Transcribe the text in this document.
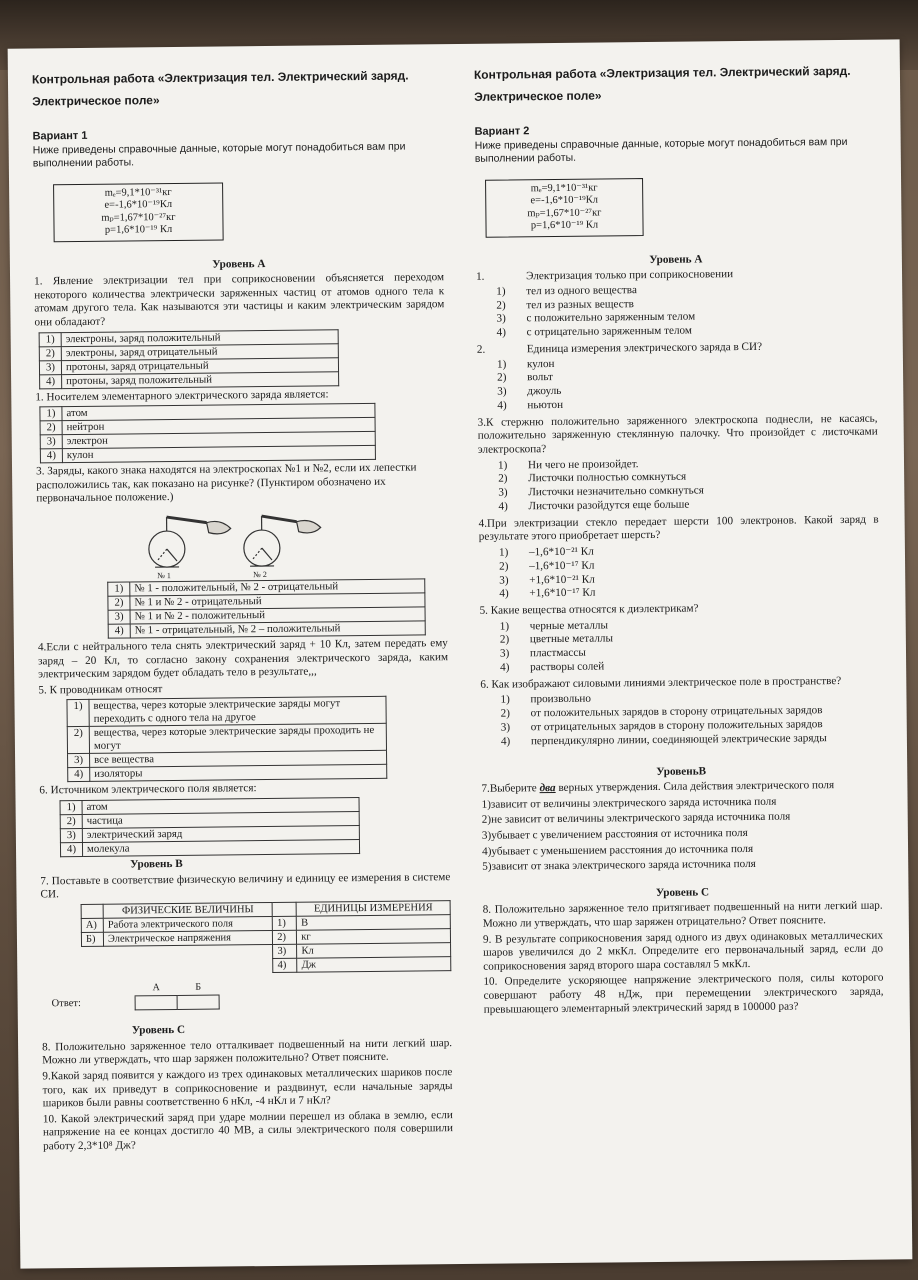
Контрольная работа «Электризация тел. Электрический заряд. Электрическое поле»
Вариант 1
Ниже приведены справочные данные, которые могут понадобиться вам при выполнении работы.
mₑ=9,1*10⁻³¹кг
e=-1,6*10⁻¹⁹Кл
mₚ=1,67*10⁻²⁷кг
p=1,6*10⁻¹⁹ Кл
Уровень А
1. Явление электризации тел при соприкосновении объясняется переходом некоторого количества электрически заряженных частиц от атомов одного тела к атомам другого тела. Как называются эти частицы и каким электрическим зарядом они обладают?
1)	электроны, заряд положительный
2)	электроны, заряд отрицательный
3)	протоны, заряд отрицательный
4)	протоны, заряд положительный
1. Носителем элементарного электрического заряда является:
1)	атом
2)	нейтрон
3)	электрон
4)	кулон
3. Заряды, какого знака находятся на электроскопах №1 и №2, если их лепестки расположились так, как показано на рисунке? (Пунктиром обозначено их первоначальное положение.)
№ 1	№ 2
1)	№ 1 - положительный, № 2 - отрицательный
2)	№ 1 и № 2 - отрицательный
3)	№ 1 и № 2 - положительный
4)	№ 1 - отрицательный, № 2 – положительный
4.Если с нейтрального тела снять электрический заряд + 10 Кл, затем передать ему заряд – 20 Кл, то согласно закону сохранения электрического заряда, каким электрическим зарядом будет обладать тело в результате,,,
5. К проводникам относят
1)	вещества, через которые электрические заряды могут переходить с одного тела на другое
2)	вещества, через которые электрические заряды проходить не могут
3)	все вещества
4)	изоляторы
6. Источником электрического поля является:
1)	атом
2)	частица
3)	электрический заряд
4)	молекула
Уровень В
7. Поставьте в соответствие физическую величину и единицу ее измерения в системе СИ.
	ФИЗИЧЕСКИЕ ВЕЛИЧИНЫ		ЕДИНИЦЫ ИЗМЕРЕНИЯ
А)	Работа электрического поля	1)	В
Б)	Электрическое напряжения	2)	кг
		3)	Кл
		4)	Дж
Ответ:
А	Б

Уровень С
8. Положительно заряженное тело отталкивает подвешенный на нити легкий шар. Можно ли утверждать, что шар заряжен положительно? Ответ поясните.
9.Какой заряд появится у каждого из трех одинаковых металлических шариков после того, как их приведут в соприкосновение и раздвинут, если начальные заряды шариков были равны соответственно 6 нКл, -4 нКл и 7 нКл?
10. Какой электрический заряд при ударе молнии перешел из облака в землю, если напряжение на ее концах достигло 40 МВ, а силы электрического поля совершили работу 2,3*10⁸ Дж?
Контрольная работа «Электризация тел. Электрический заряд. Электрическое поле»
Вариант 2
Ниже приведены справочные данные, которые могут понадобиться вам при выполнении работы.
mₑ=9,1*10⁻³¹кг
e=-1,6*10⁻¹⁹Кл
mₚ=1,67*10⁻²⁷кг
p=1,6*10⁻¹⁹ Кл
Уровень А
1.	Электризация только при соприкосновении
1) тел из одного вещества
2) тел из разных веществ
3) с положительно заряженным телом
4) с отрицательно заряженным телом
2.	Единица измерения электрического заряда в СИ?
1) кулон
2) вольт
3) джоуль
4) ньютон
3.К стержню положительно заряженного электроскопа поднесли, не касаясь, положительно заряженную стеклянную палочку. Что произойдет с листочками электроскопа?
1) Ни чего не произойдет.
2) Листочки полностью сомкнуться
3) Листочки незначительно сомкнуться
4) Листочки разойдутся еще больше
4.При электризации стекло передает шерсти 100 электронов. Какой заряд в результате этого приобретает шерсть?
1) –1,6*10⁻²¹ Кл
2) –1,6*10⁻¹⁷ Кл
3) +1,6*10⁻²¹ Кл
4) +1,6*10⁻¹⁷ Кл
5. Какие вещества относятся к диэлектрикам?
1) черные металлы
2) цветные металлы
3) пластмассы
4) растворы солей
6. Как изображают силовыми линиями электрическое поле в пространстве?
1)	произвольно
2)	от положительных зарядов в сторону отрицательных зарядов
3)	от отрицательных зарядов в сторону положительных зарядов
4)	перпендикулярно линии, соединяющей электрические заряды
УровеньВ
7.Выберите два верных утверждения. Сила действия электрического поля
1)зависит от величины электрического заряда источника поля
2)не зависит от величины электрического заряда источника поля
3)убывает с увеличением расстояния от источника поля
4)убывает с уменьшением расстояния до источника поля
5)зависит от знака электрического заряда источника поля
Уровень С
8. Положительно заряженное тело притягивает подвешенный на нити легкий шар. Можно ли утверждать, что шар заряжен отрицательно? Ответ поясните.
9. В результате соприкосновения заряд одного из двух одинаковых металлических шаров увеличился до 2 мкКл. Определите его первоначальный заряд, если до соприкосновения заряд второго шара составлял 5 мкКл.
10. Определите ускоряющее напряжение электрического поля, силы которого совершают работу 48 нДж, при перемещении электрического заряда, превышающего элементарный электрический заряд в 100000 раз?
